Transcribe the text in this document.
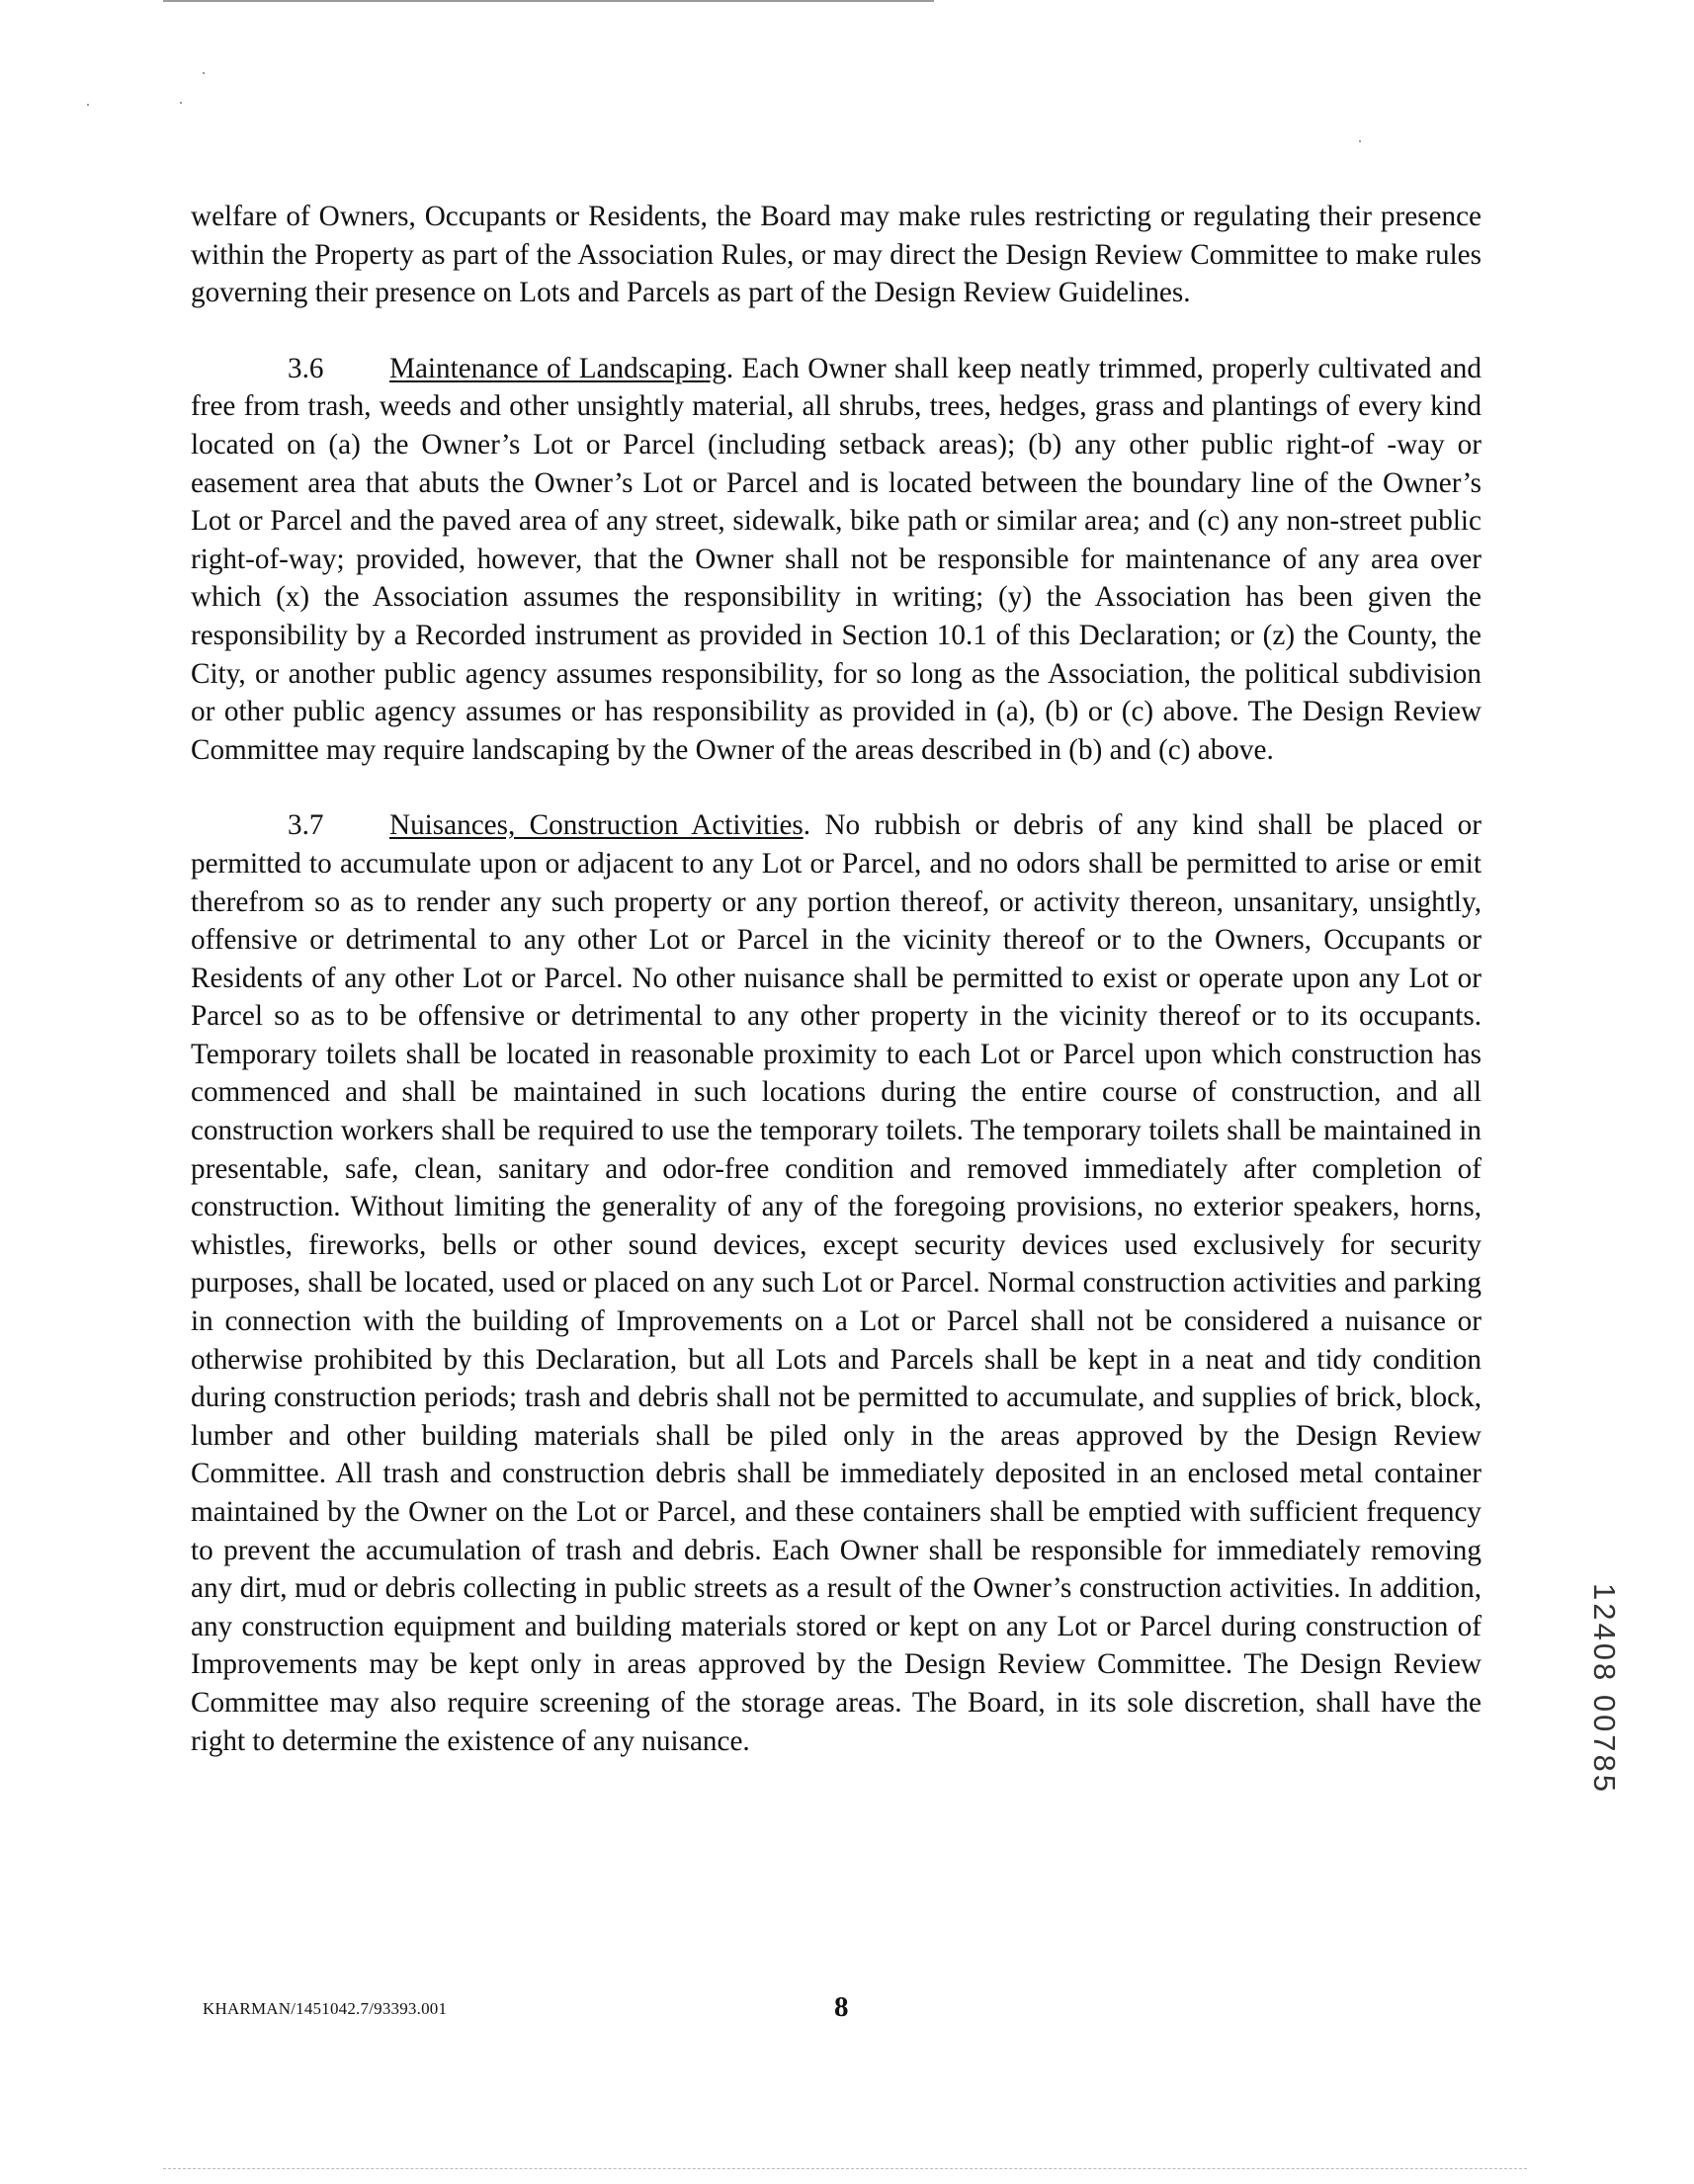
welfare of Owners, Occupants or Residents, the Board may make rules restricting or regulating their presence within the Property as part of the Association Rules, or may direct the Design Review Committee to make rules governing their presence on Lots and Parcels as part of the Design Review Guidelines.

3.6 Maintenance of Landscaping. Each Owner shall keep neatly trimmed, properly cultivated and free from trash, weeds and other unsightly material, all shrubs, trees, hedges, grass and plantings of every kind located on (a) the Owner’s Lot or Parcel (including setback areas); (b) any other public right-of -way or easement area that abuts the Owner’s Lot or Parcel and is located between the boundary line of the Owner’s Lot or Parcel and the paved area of any street, sidewalk, bike path or similar area; and (c) any non-street public right-of-way; provided, however, that the Owner shall not be responsible for maintenance of any area over which (x) the Association assumes the responsibility in writing; (y) the Association has been given the responsibility by a Recorded instrument as provided in Section 10.1 of this Declaration; or (z) the County, the City, or another public agency assumes responsibility, for so long as the Association, the political subdivision or other public agency assumes or has responsibility as provided in (a), (b) or (c) above. The Design Review Committee may require landscaping by the Owner of the areas described in (b) and (c) above.

3.7 Nuisances, Construction Activities. No rubbish or debris of any kind shall be placed or permitted to accumulate upon or adjacent to any Lot or Parcel, and no odors shall be permitted to arise or emit therefrom so as to render any such property or any portion thereof, or activity thereon, unsanitary, unsightly, offensive or detrimental to any other Lot or Parcel in the vicinity thereof or to the Owners, Occupants or Residents of any other Lot or Parcel. No other nuisance shall be permitted to exist or operate upon any Lot or Parcel so as to be offensive or detrimental to any other property in the vicinity thereof or to its occupants. Temporary toilets shall be located in reasonable proximity to each Lot or Parcel upon which construction has commenced and shall be maintained in such locations during the entire course of construction, and all construction workers shall be required to use the temporary toilets. The temporary toilets shall be maintained in presentable, safe, clean, sanitary and odor-free condition and removed immediately after completion of construction. Without limiting the generality of any of the foregoing provisions, no exterior speakers, horns, whistles, fireworks, bells or other sound devices, except security devices used exclusively for security purposes, shall be located, used or placed on any such Lot or Parcel. Normal construction activities and parking in connection with the building of Improvements on a Lot or Parcel shall not be considered a nuisance or otherwise prohibited by this Declaration, but all Lots and Parcels shall be kept in a neat and tidy condition during construction periods; trash and debris shall not be permitted to accumulate, and supplies of brick, block, lumber and other building materials shall be piled only in the areas approved by the Design Review Committee. All trash and construction debris shall be immediately deposited in an enclosed metal container maintained by the Owner on the Lot or Parcel, and these containers shall be emptied with sufficient frequency to prevent the accumulation of trash and debris. Each Owner shall be responsible for immediately removing any dirt, mud or debris collecting in public streets as a result of the Owner’s construction activities. In addition, any construction equipment and building materials stored or kept on any Lot or Parcel during construction of Improvements may be kept only in areas approved by the Design Review Committee. The Design Review Committee may also require screening of the storage areas. The Board, in its sole discretion, shall have the right to determine the existence of any nuisance.	12408 00785
KHARMAN/1451042.7/93393.001	8
